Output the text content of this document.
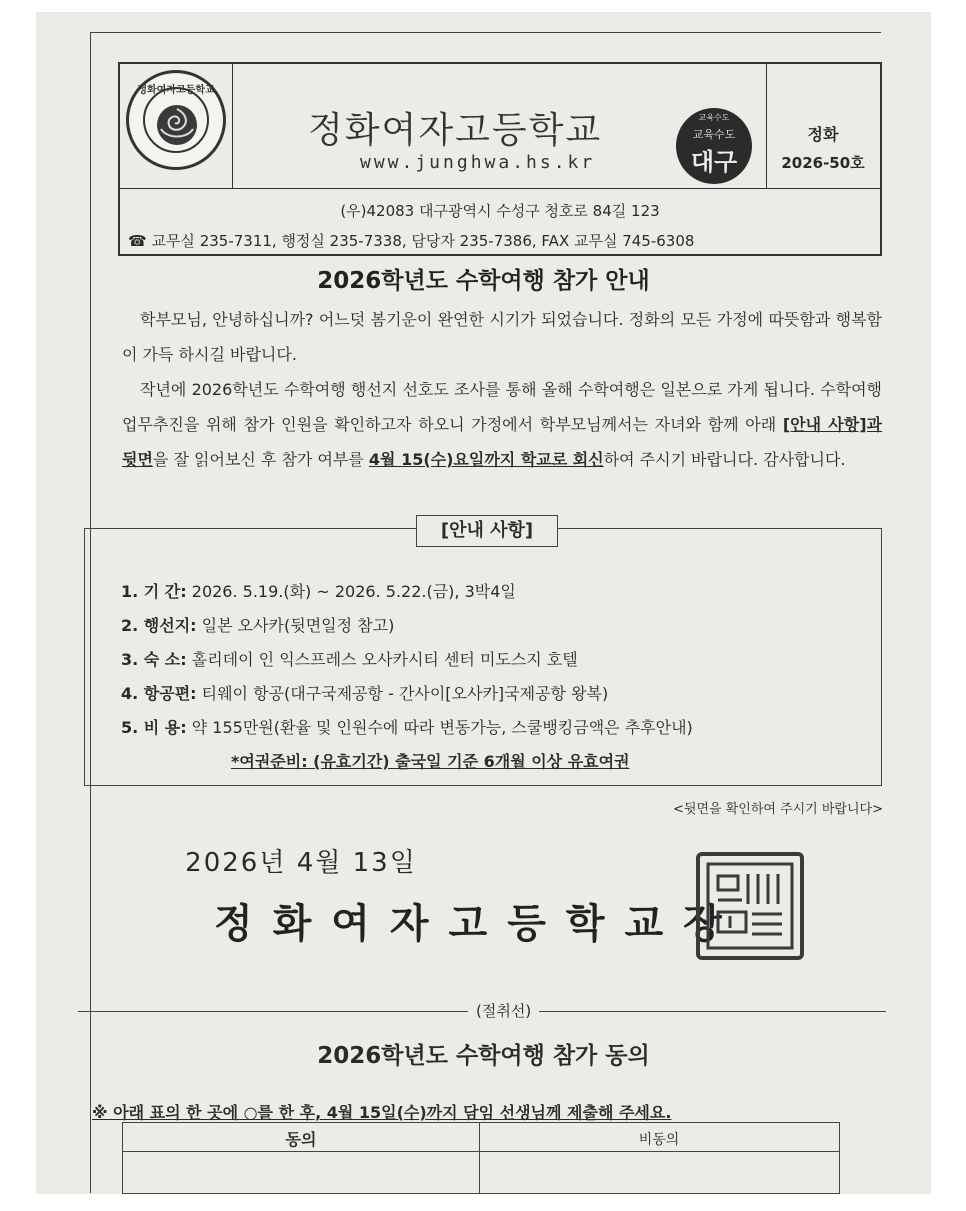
정화여자고등학교
정화여자고등학교
www.junghwa.hs.kr
교육수도
교육수도
대구
정화
2026-50호
(우)42083 대구광역시 수성구 청호로 84길 123
☎ 교무실 235-7311, 행정실 235-7338, 담당자 235-7386, FAX 교무실 745-6308
2026학년도 수학여행 참가 안내

학부모님, 안녕하십니까? 어느덧 봄기운이 완연한 시기가 되었습니다. 정화의 모든 가정에 따뜻함과 행복함이 가득 하시길 바랍니다.

작년에 2026학년도 수학여행 행선지 선호도 조사를 통해 올해 수학여행은 일본으로 가게 됩니다. 수학여행 업무추진을 위해 참가 인원을 확인하고자 하오니 가정에서 학부모님께서는 자녀와 함께 아래 [안내 사항]과 뒷면을 잘 읽어보신 후 참가 여부를 4월 15(수)요일까지 학교로 회신하여 주시기 바랍니다. 감사합니다.

[안내 사항]
1. 기 간: 2026. 5.19.(화) ~ 2026. 5.22.(금), 3박4일
2. 행선지: 일본 오사카(뒷면일정 참고)
3. 숙 소: 홀리데이 인 익스프레스 오사카시티 센터 미도스지 호텔
4. 항공편: 티웨이 항공(대구국제공항 - 간사이[오사카]국제공항 왕복)
5. 비 용: 약 155만원(환율 및 인원수에 따라 변동가능, 스쿨뱅킹금액은 추후안내)
*여권준비: (유효기간) 출국일 기준 6개월 이상 유효여권
<뒷면을 확인하여 주시기 바랍니다>
2026년 4월 13일
정화여자고등학교장
(절취선)
2026학년도 수학여행 참가 동의
※ 아래 표의 한 곳에 ○를 한 후, 4월 15일(수)까지 담임 선생님께 제출해 주세요.
동의	비동의
